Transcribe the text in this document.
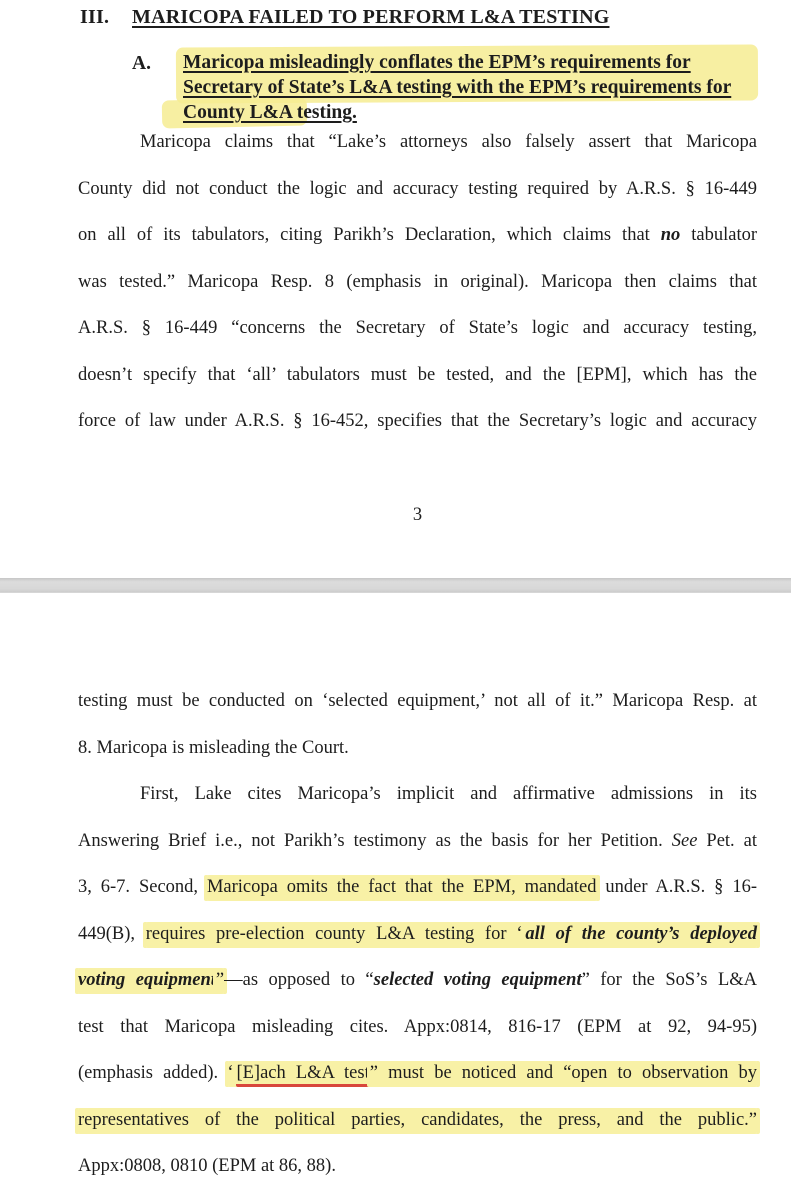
III. MARICOPA FAILED TO PERFORM L&A TESTING
A. Maricopa misleadingly conflates the EPM’s requirements for
Secretary of State’s L&A testing with the EPM’s requirements for
County L&A testing.
Maricopa claims that “Lake’s attorneys also falsely assert that Maricopa
County did not conduct the logic and accuracy testing required by A.R.S. § 16-449
on all of its tabulators, citing Parikh’s Declaration, which claims that no tabulator
was tested.” Maricopa Resp. 8 (emphasis in original). Maricopa then claims that
A.R.S. § 16-449 “concerns the Secretary of State’s logic and accuracy testing,
doesn’t specify that ‘all’ tabulators must be tested, and the [EPM], which has the
force of law under A.R.S. § 16-452, specifies that the Secretary’s logic and accuracy
3
testing must be conducted on ‘selected equipment,’ not all of it.” Maricopa Resp. at
8. Maricopa is misleading the Court.
First, Lake cites Maricopa’s implicit and affirmative admissions in its
Answering Brief i.e., not Parikh’s testimony as the basis for her Petition. See Pet. at
3, 6-7. Second, Maricopa omits the fact that the EPM, mandated under A.R.S. § 16-
449(B), requires pre-election county L&A testing for “all of the county’s deployed
voting equipment”—as opposed to “selected voting equipment” for the SoS’s L&A
test that Maricopa misleading cites. Appx:0814, 816-17 (EPM at 92, 94-95)
(emphasis added). “[E]ach L&A test” must be noticed and “open to observation by
representatives of the political parties, candidates, the press, and the public.”
Appx:0808, 0810 (EPM at 86, 88).
